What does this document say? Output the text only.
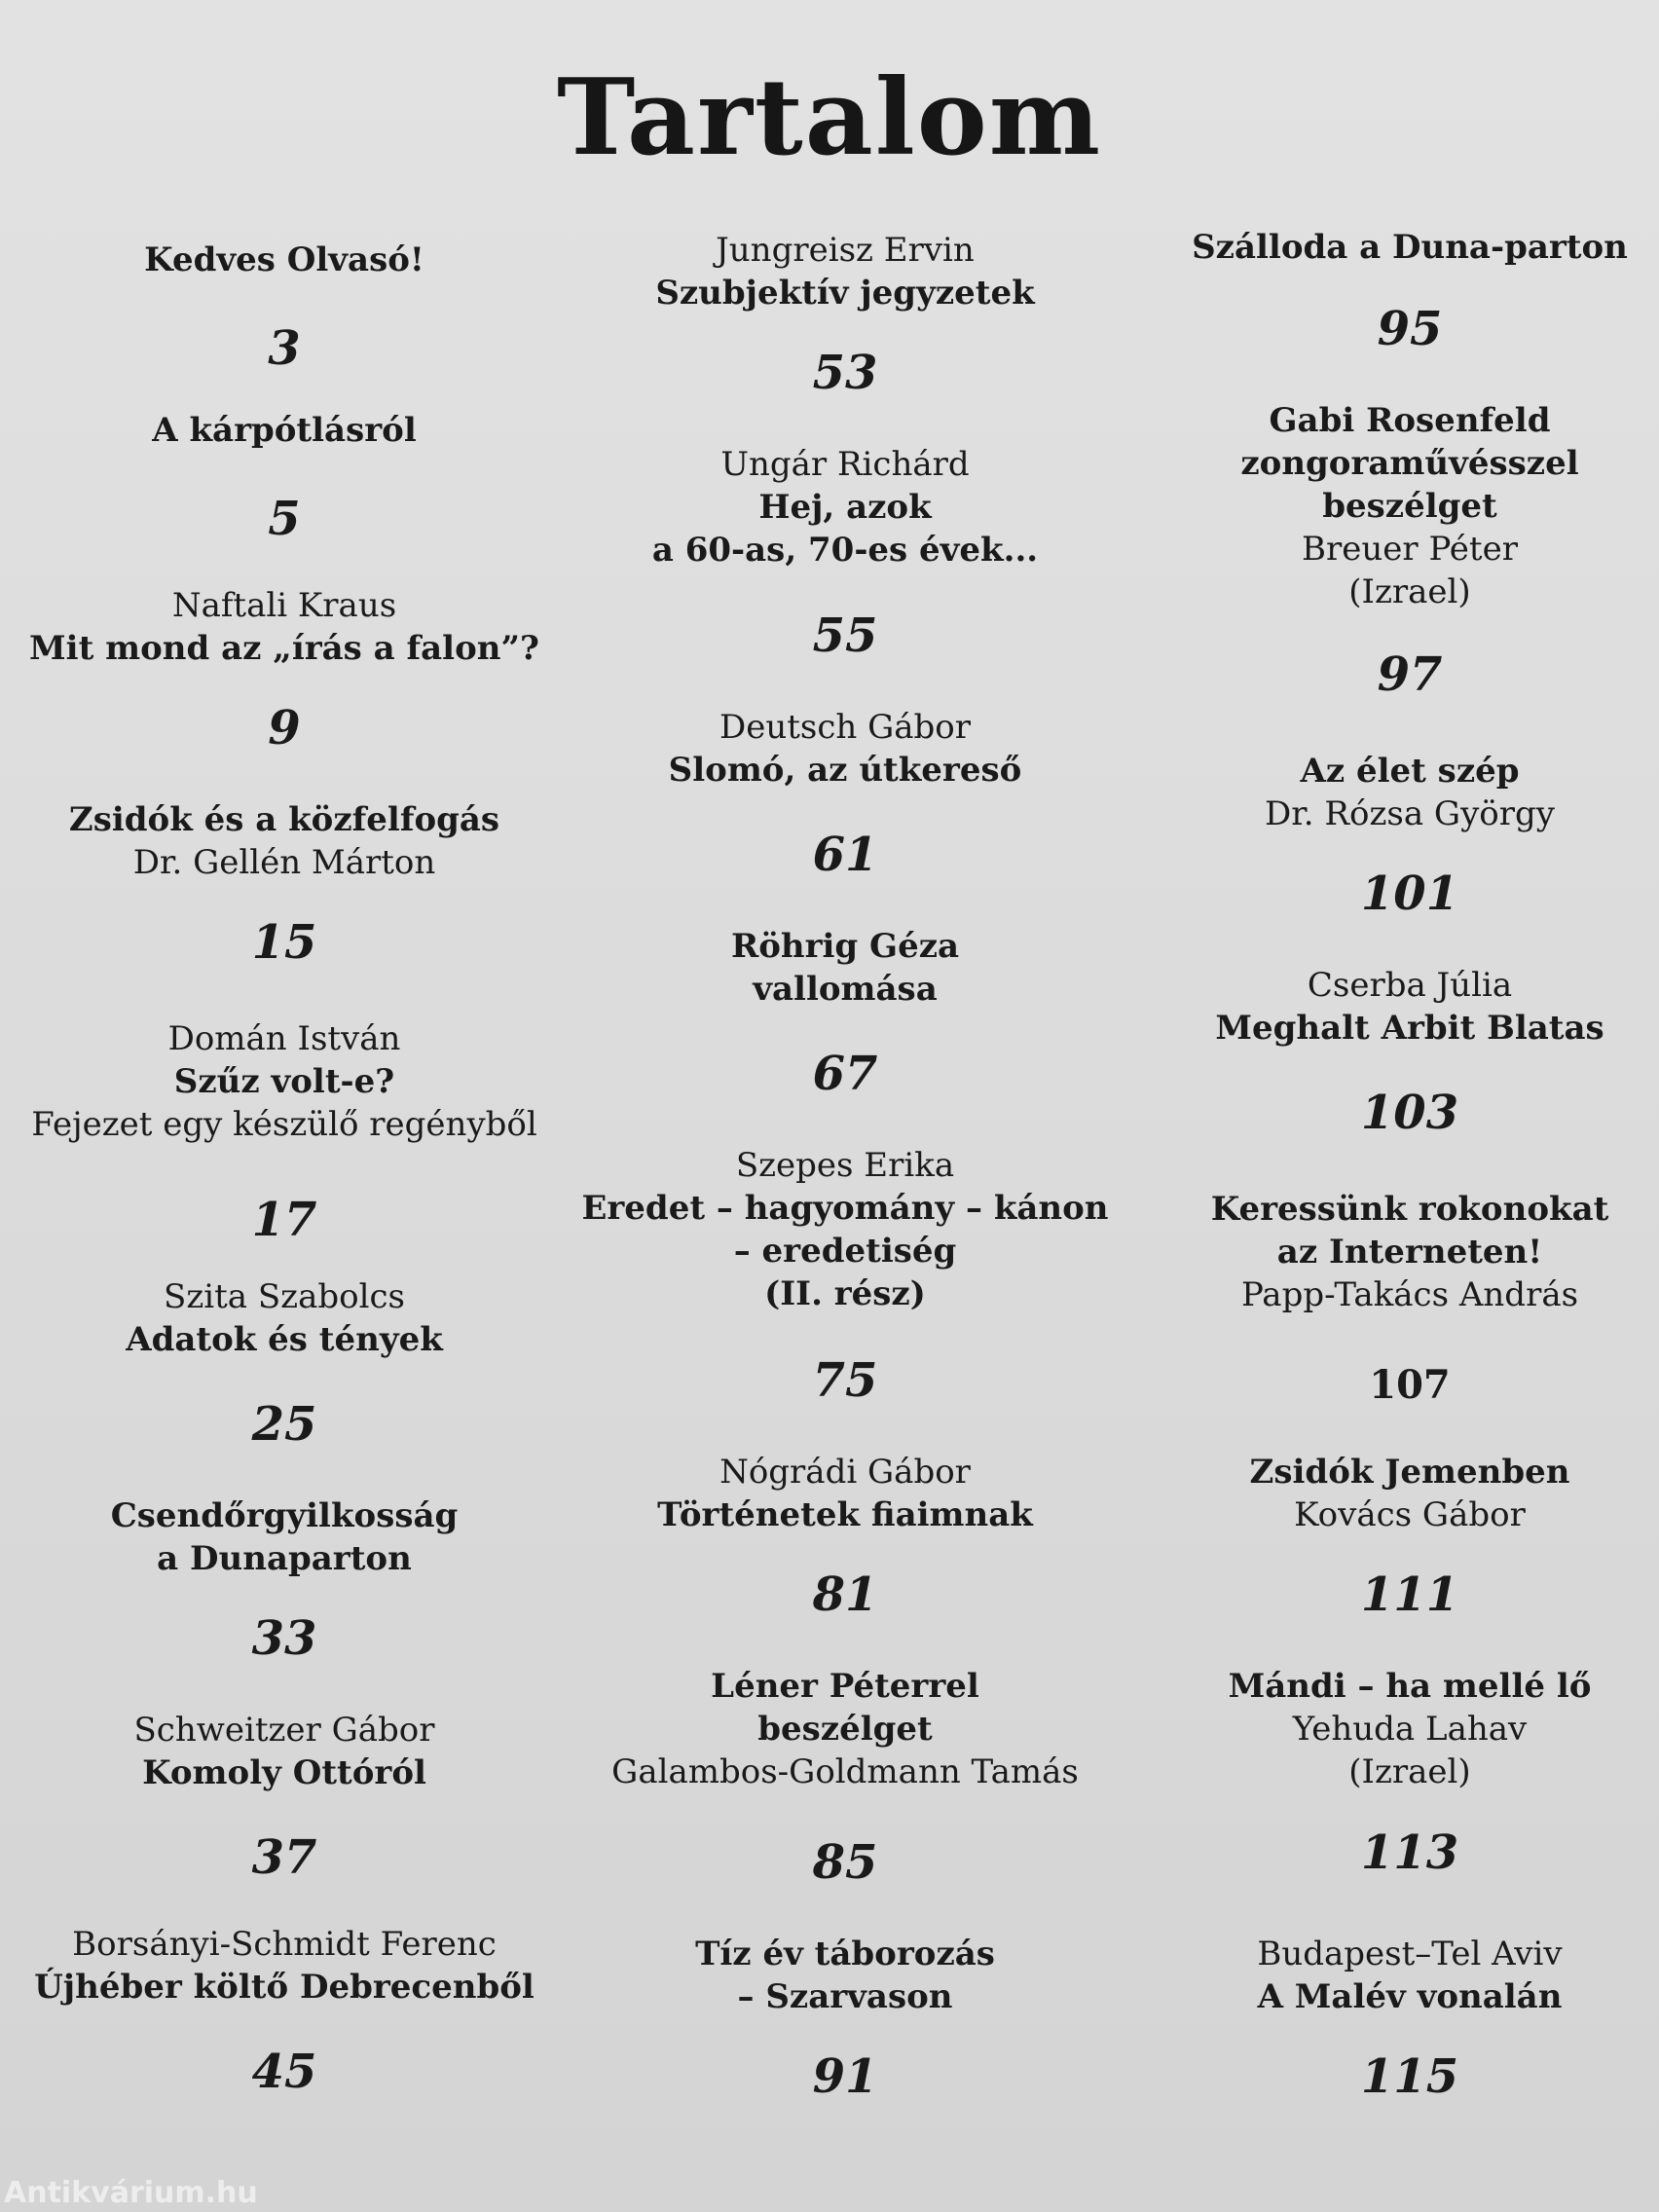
Tartalom
Kedves Olvasó!
3
A kárpótlásról
5
Naftali Kraus
Mit mond az „írás a falon”?
9
Zsidók és a közfelfogás
Dr. Gellén Márton
15
Domán István
Szűz volt-e?
Fejezet egy készülő regényből
17
Szita Szabolcs
Adatok és tények
25
Csendőrgyilkosság
a Dunaparton
33
Schweitzer Gábor
Komoly Ottóról
37
Borsányi-Schmidt Ferenc
Újhéber költő Debrecenből
45
Jungreisz Ervin
Szubjektív jegyzetek
53
Ungár Richárd
Hej, azok
a 60-as, 70-es évek...
55
Deutsch Gábor
Slomó, az útkereső
61
Röhrig Géza
vallomása
67
Szepes Erika
Eredet – hagyomány – kánon
– eredetiség
(II. rész)
75
Nógrádi Gábor
Történetek fiaimnak
81
Léner Péterrel
beszélget
Galambos-Goldmann Tamás
85
Tíz év táborozás
– Szarvason
91
Szálloda a Duna-parton
95
Gabi Rosenfeld
zongoraművésszel
beszélget
Breuer Péter
(Izrael)
97
Az élet szép
Dr. Rózsa György
101
Cserba Júlia
Meghalt Arbit Blatas
103
Keressünk rokonokat
az Interneten!
Papp-Takács András
107
Zsidók Jemenben
Kovács Gábor
111
Mándi – ha mellé lő
Yehuda Lahav
(Izrael)
113
Budapest–Tel Aviv
A Malév vonalán
115
Antikvárium.hu
